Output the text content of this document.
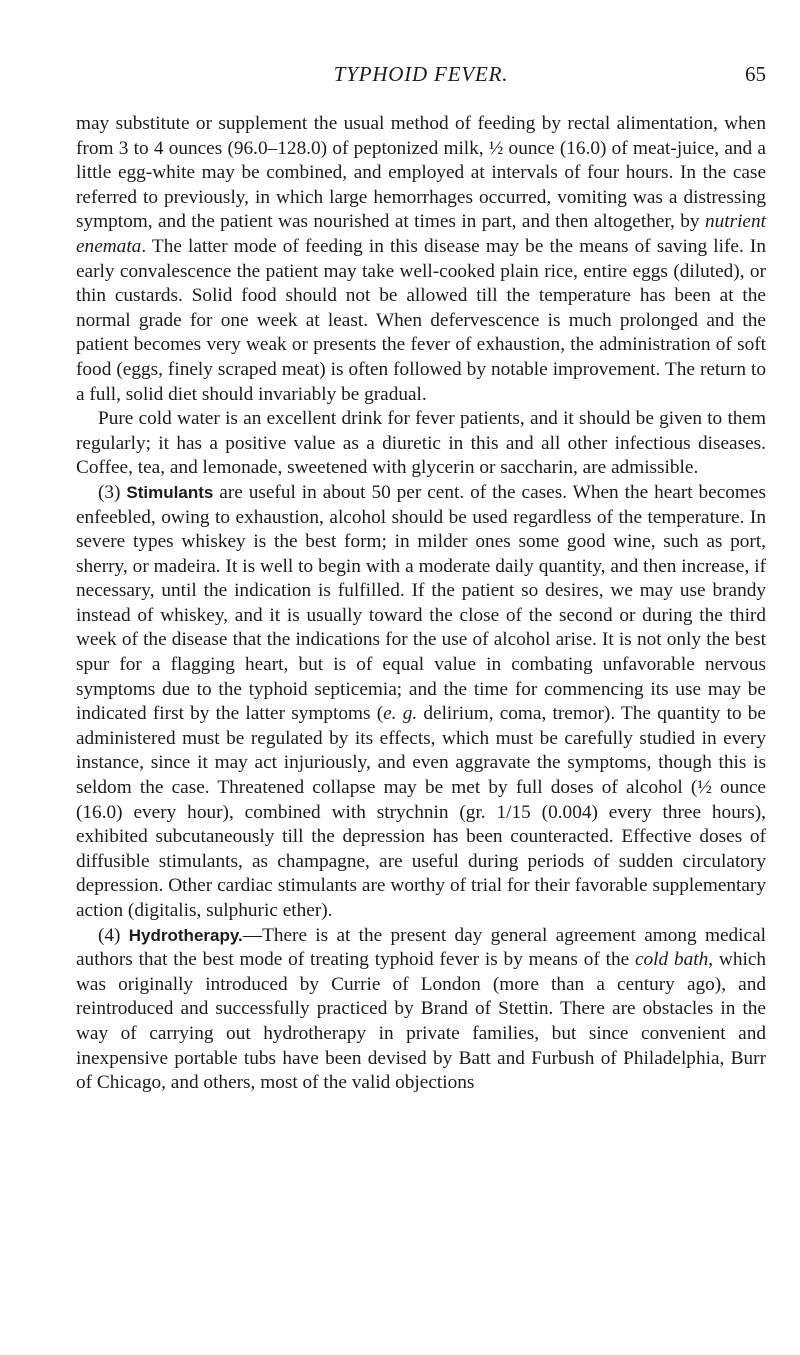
TYPHOID FEVER.	65

may substitute or supplement the usual method of feeding by rectal alimentation, when from 3 to 4 ounces (96.0–128.0) of peptonized milk, ½ ounce (16.0) of meat-juice, and a little egg-white may be combined, and employed at intervals of four hours. In the case referred to previously, in which large hemorrhages occurred, vomiting was a distressing symptom, and the patient was nourished at times in part, and then altogether, by nutrient enemata. The latter mode of feeding in this disease may be the means of saving life. In early convalescence the patient may take well-cooked plain rice, entire eggs (diluted), or thin custards. Solid food should not be allowed till the temperature has been at the normal grade for one week at least. When defervescence is much prolonged and the patient becomes very weak or presents the fever of exhaustion, the administration of soft food (eggs, finely scraped meat) is often followed by notable improvement. The return to a full, solid diet should invariably be gradual.

Pure cold water is an excellent drink for fever patients, and it should be given to them regularly; it has a positive value as a diuretic in this and all other infectious diseases. Coffee, tea, and lemonade, sweetened with glycerin or saccharin, are admissible.

(3) Stimulants are useful in about 50 per cent. of the cases. When the heart becomes enfeebled, owing to exhaustion, alcohol should be used regardless of the temperature. In severe types whiskey is the best form; in milder ones some good wine, such as port, sherry, or madeira. It is well to begin with a moderate daily quantity, and then increase, if necessary, until the indication is fulfilled. If the patient so desires, we may use brandy instead of whiskey, and it is usually toward the close of the second or during the third week of the disease that the indications for the use of alcohol arise. It is not only the best spur for a flagging heart, but is of equal value in combating unfavorable nervous symptoms due to the typhoid septicemia; and the time for commencing its use may be indicated first by the latter symptoms (e. g. delirium, coma, tremor). The quantity to be administered must be regulated by its effects, which must be carefully studied in every instance, since it may act injuriously, and even aggravate the symptoms, though this is seldom the case. Threatened collapse may be met by full doses of alcohol (½ ounce (16.0) every hour), combined with strychnin (gr. 1/15 (0.004) every three hours), exhibited subcutaneously till the depression has been counteracted. Effective doses of diffusible stimulants, as champagne, are useful during periods of sudden circulatory depression. Other cardiac stimulants are worthy of trial for their favorable supplementary action (digitalis, sulphuric ether).

(4) Hydrotherapy.—There is at the present day general agreement among medical authors that the best mode of treating typhoid fever is by means of the cold bath, which was originally introduced by Currie of London (more than a century ago), and reintroduced and successfully practiced by Brand of Stettin. There are obstacles in the way of carrying out hydrotherapy in private families, but since convenient and inexpensive portable tubs have been devised by Batt and Furbush of Philadelphia, Burr of Chicago, and others, most of the valid objections
